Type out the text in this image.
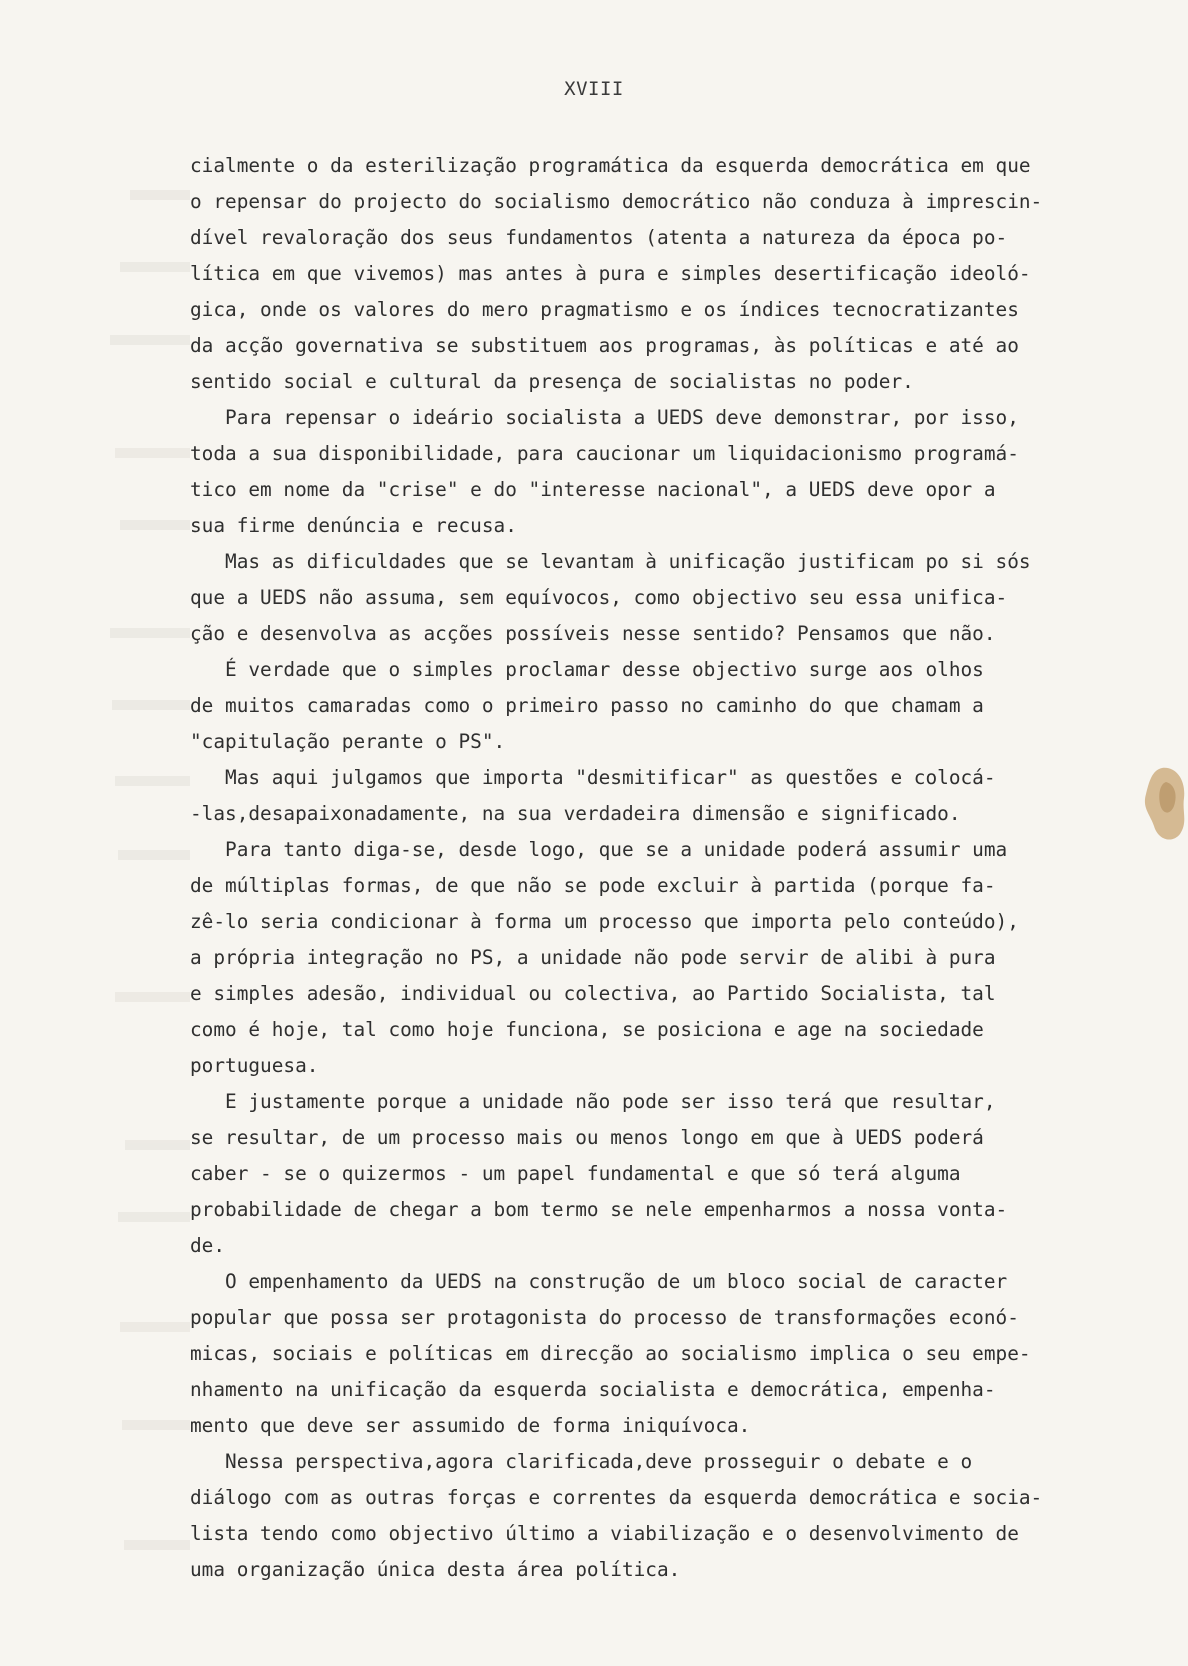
XVIII
cialmente o da esterilização programática da esquerda democrática em que
o repensar do projecto do socialismo democrático não conduza à imprescin-
dível revaloração dos seus fundamentos (atenta a natureza da época po-
lítica em que vivemos) mas antes à pura e simples desertificação ideoló-
gica, onde os valores do mero pragmatismo e os índices tecnocratizantes
da acção governativa se substituem aos programas, às políticas e até ao
sentido social e cultural da presença de socialistas no poder.
Para repensar o ideário socialista a UEDS deve demonstrar, por isso,
toda a sua disponibilidade, para caucionar um liquidacionismo programá-
tico em nome da "crise" e do "interesse nacional", a UEDS deve opor a
sua firme denúncia e recusa.
Mas as dificuldades que se levantam à unificação justificam po si sós
que a UEDS não assuma, sem equívocos, como objectivo seu essa unifica-
ção e desenvolva as acções possíveis nesse sentido? Pensamos que não.
É verdade que o simples proclamar desse objectivo surge aos olhos
de muitos camaradas como o primeiro passo no caminho do que chamam a
"capitulação perante o PS".
Mas aqui julgamos que importa "desmitificar" as questões e colocá-
-las,desapaixonadamente, na sua verdadeira dimensão e significado.
Para tanto diga-se, desde logo, que se a unidade poderá assumir uma
de múltiplas formas, de que não se pode excluir à partida (porque fa-
zê-lo seria condicionar à forma um processo que importa pelo conteúdo),
a própria integração no PS, a unidade não pode servir de alibi à pura
e simples adesão, individual ou colectiva, ao Partido Socialista, tal
como é hoje, tal como hoje funciona, se posiciona e age na sociedade
portuguesa.
E justamente porque a unidade não pode ser isso terá que resultar,
se resultar, de um processo mais ou menos longo em que à UEDS poderá
caber - se o quizermos - um papel fundamental e que só terá alguma
probabilidade de chegar a bom termo se nele empenharmos a nossa vonta-
de.
O empenhamento da UEDS na construção de um bloco social de caracter
popular que possa ser protagonista do processo de transformações econó-
micas, sociais e políticas em direcção ao socialismo implica o seu empe-
nhamento na unificação da esquerda socialista e democrática, empenha-
mento que deve ser assumido de forma iniquívoca.
Nessa perspectiva,agora clarificada,deve prosseguir o debate e o
diálogo com as outras forças e correntes da esquerda democrática e socia-
lista tendo como objectivo último a viabilização e o desenvolvimento de
uma organização única desta área política.
